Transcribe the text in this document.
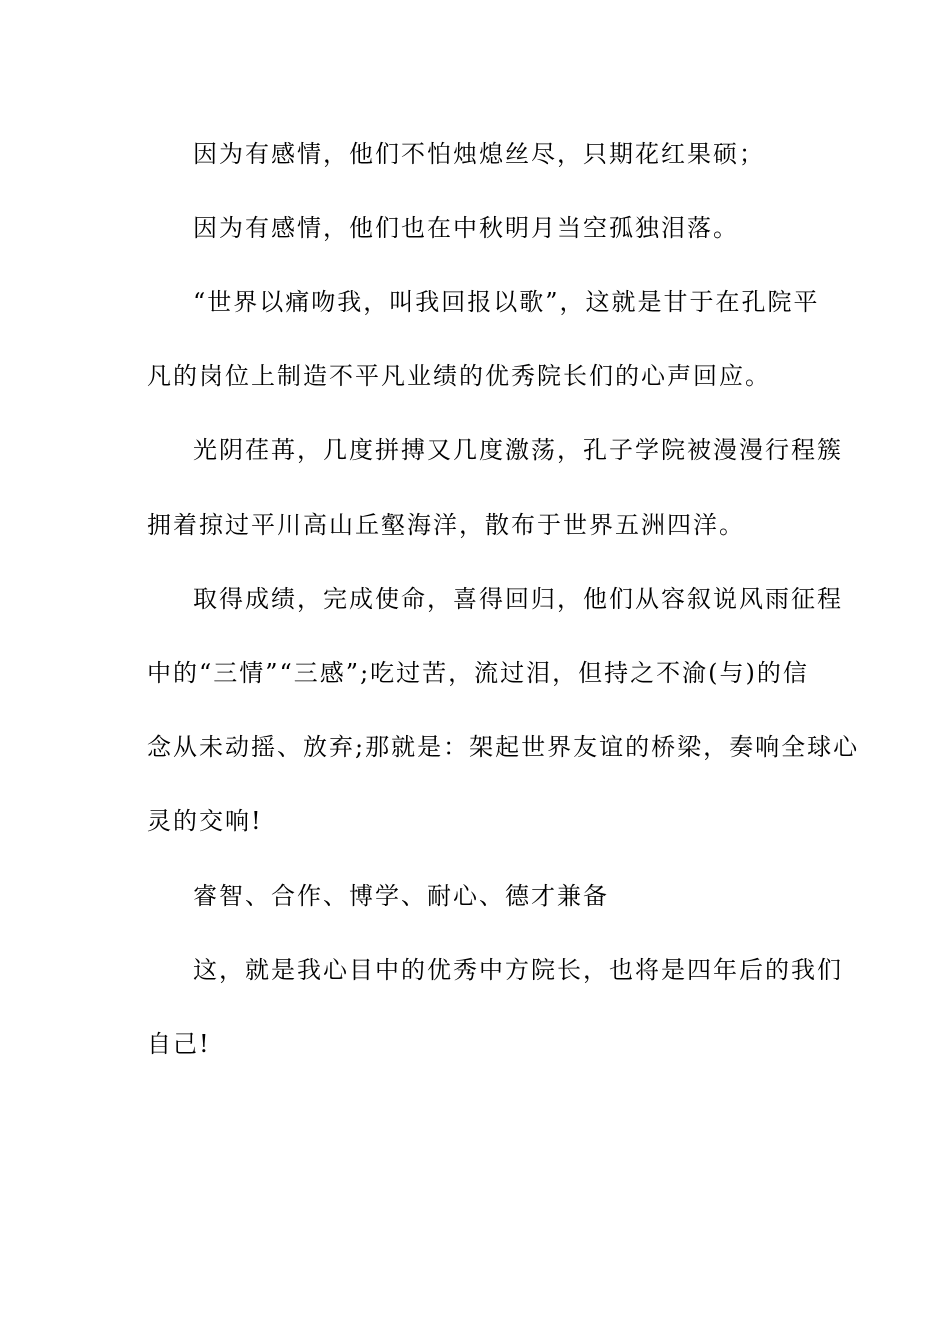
因为有感情，他们不怕烛熄丝尽，只期花红果硕；
因为有感情，他们也在中秋明月当空孤独泪落。
“世界以痛吻我，叫我回报以歌”，这就是甘于在孔院平
凡的岗位上制造不平凡业绩的优秀院长们的心声回应。
光阴荏苒，几度拼搏又几度激荡，孔子学院被漫漫行程簇
拥着掠过平川高山丘壑海洋，散布于世界五洲四洋。
取得成绩，完成使命，喜得回归，他们从容叙说风雨征程
中的“三情”“三感”;吃过苦，流过泪，但持之不渝(与)的信
念从未动摇、放弃;那就是：架起世界友谊的桥梁，奏响全球心
灵的交响!
睿智、合作、博学、耐心、德才兼备
这，就是我心目中的优秀中方院长，也将是四年后的我们
自己!
